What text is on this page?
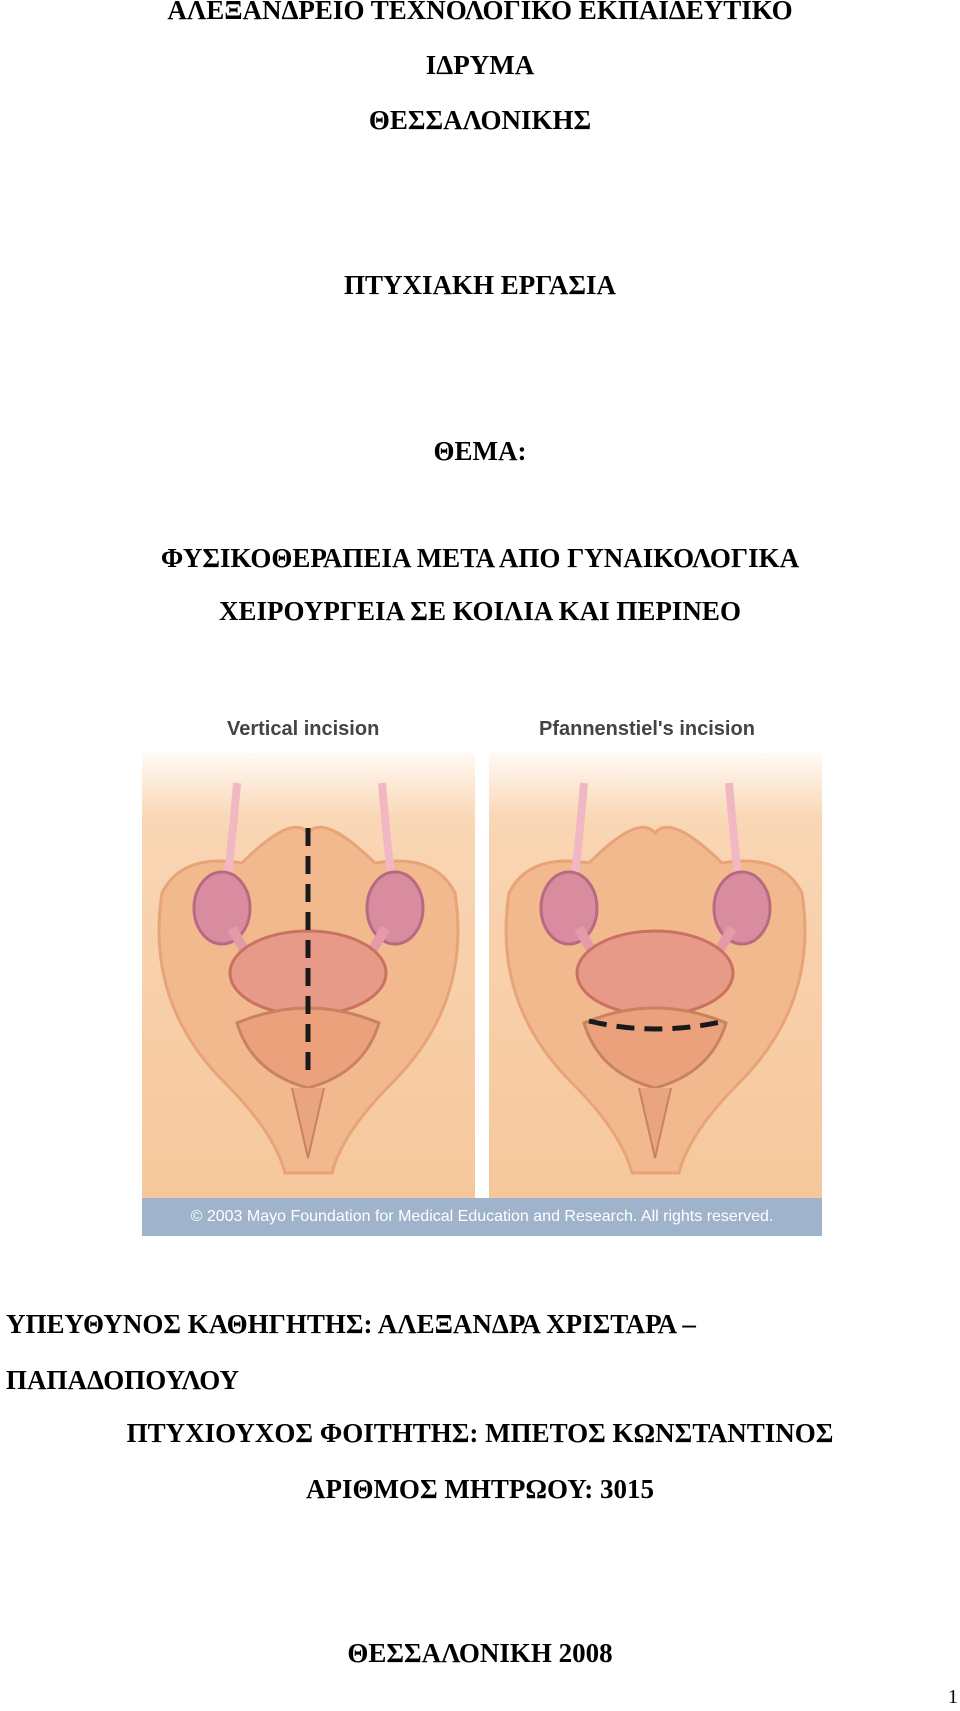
ΑΛΕΞΑΝΔΡΕΙΟ ΤΕΧΝΟΛΟΓΙΚΟ ΕΚΠΑΙΔΕΥΤΙΚΟ
ΙΔΡΥΜΑ
ΘΕΣΣΑΛΟΝΙΚΗΣ
ΠΤΥΧΙΑΚΗ ΕΡΓΑΣΙΑ
ΘΕΜΑ:
ΦΥΣΙΚΟΘΕΡΑΠΕΙΑ ΜΕΤΑ ΑΠΟ ΓΥΝΑΙΚΟΛΟΓΙΚΑ
ΧΕΙΡΟΥΡΓΕΙΑ ΣΕ ΚΟΙΛΙΑ ΚΑΙ ΠΕΡΙΝΕΟ
Vertical incision	Pfannenstiel's incision
© 2003 Mayo Foundation for Medical Education and Research. All rights reserved.
ΥΠΕΥΘΥΝΟΣ ΚΑΘΗΓΗΤΗΣ: ΑΛΕΞΑΝΔΡΑ ΧΡΙΣΤΑΡΑ –
ΠΑΠΑΔΟΠΟΥΛΟΥ
ΠΤΥΧΙΟΥΧΟΣ ΦΟΙΤΗΤΗΣ: ΜΠΕΤΟΣ ΚΩΝΣΤΑΝΤΙΝΟΣ
ΑΡΙΘΜΟΣ ΜΗΤΡΩΟΥ: 3015
ΘΕΣΣΑΛΟΝΙΚΗ 2008
1
